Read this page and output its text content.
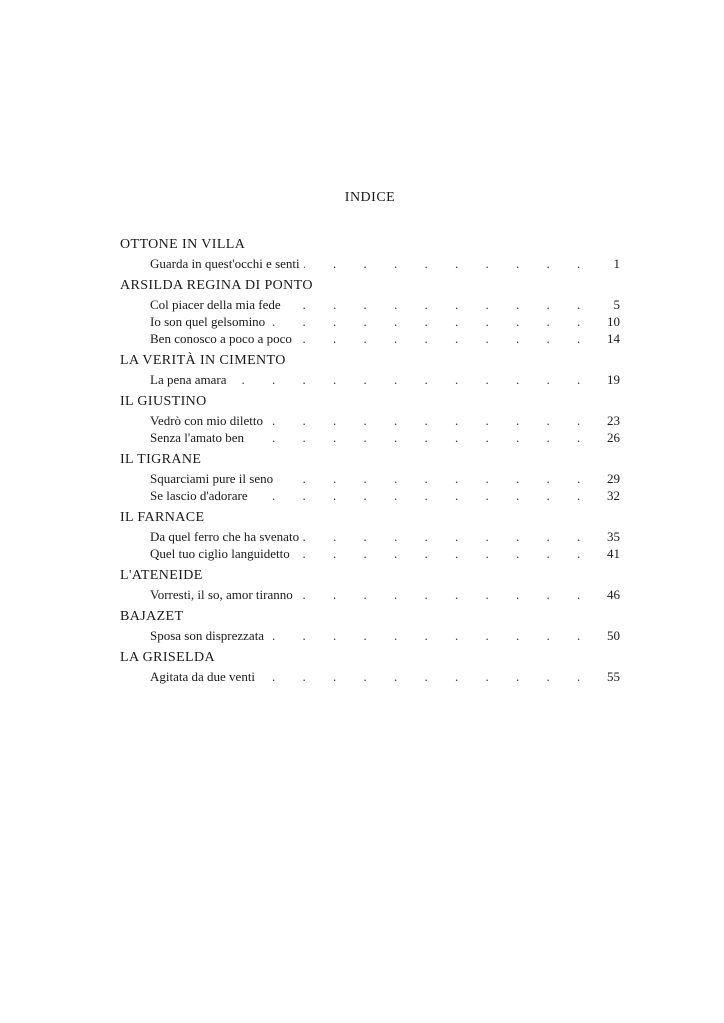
INDICE
OTTONE IN VILLA
. . .
Guarda in quest'occhi e senti	1
ARSILDA REGINA DI PONTO
. . .
Col piacer della mia fede	5
. . .
Io son quel gelsomino	10
. . .
Ben conosco a poco a poco	14
LA VERITÀ IN CIMENTO
. . .
La pena amara	19
IL GIUSTINO
. . .
Vedrò con mio diletto	23
. . .
Senza l'amato ben	26
IL TIGRANE
. . .
Squarciami pure il seno	29
. . .
Se lascio d'adorare	32
IL FARNACE
. . .
Da quel ferro che ha svenato	35
. . .
Quel tuo ciglio languidetto	41
L'ATENEIDE
. . .
Vorresti, il so, amor tiranno	46
BAJAZET
. . .
Sposa son disprezzata	50
LA GRISELDA
. . .
Agitata da due venti	55
